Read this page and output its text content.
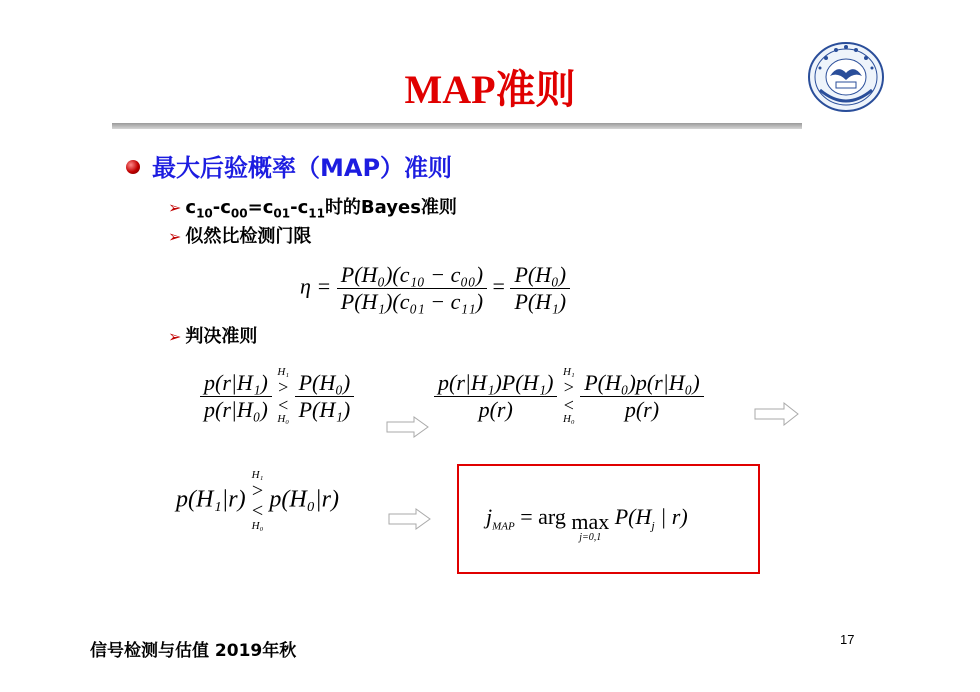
MAP准则
最大后验概率（MAP）准则
➢ $c_{10}-c_{00}=c_{01}-c_{11}$时的Bayes准则
➢ 似然比检测门限
$\eta = \frac{\text{P(H₀)(c₁₀ − c₀₀)}}{\text{P(H₁)(c₀₁ − c₁₁)}} = \frac{\text{P(H₀)}}{\text{P(H₁)}}$
➢ 判决准则
$\frac{\text{p(r|H₁)}}{\text{p(r|H₀)}}$
H₁
>
<
H₀
$\frac{\text{P(H₀)}}{\text{P(H₁)}}$	$\frac{\text{p(r|H₁)P(H₁)}}{p(r)}$
H₁
>
<
H₀
$\frac{\text{P(H₀)p(r|H₀)}}{p(r)}$
p(H₁|r)
H₁
>
<
H₀
p(H₀|r)
$j_{MAP}$ = arg max
j=0,1
$P(H_j$ | r)
信号检测与估值 2019年秋
17
